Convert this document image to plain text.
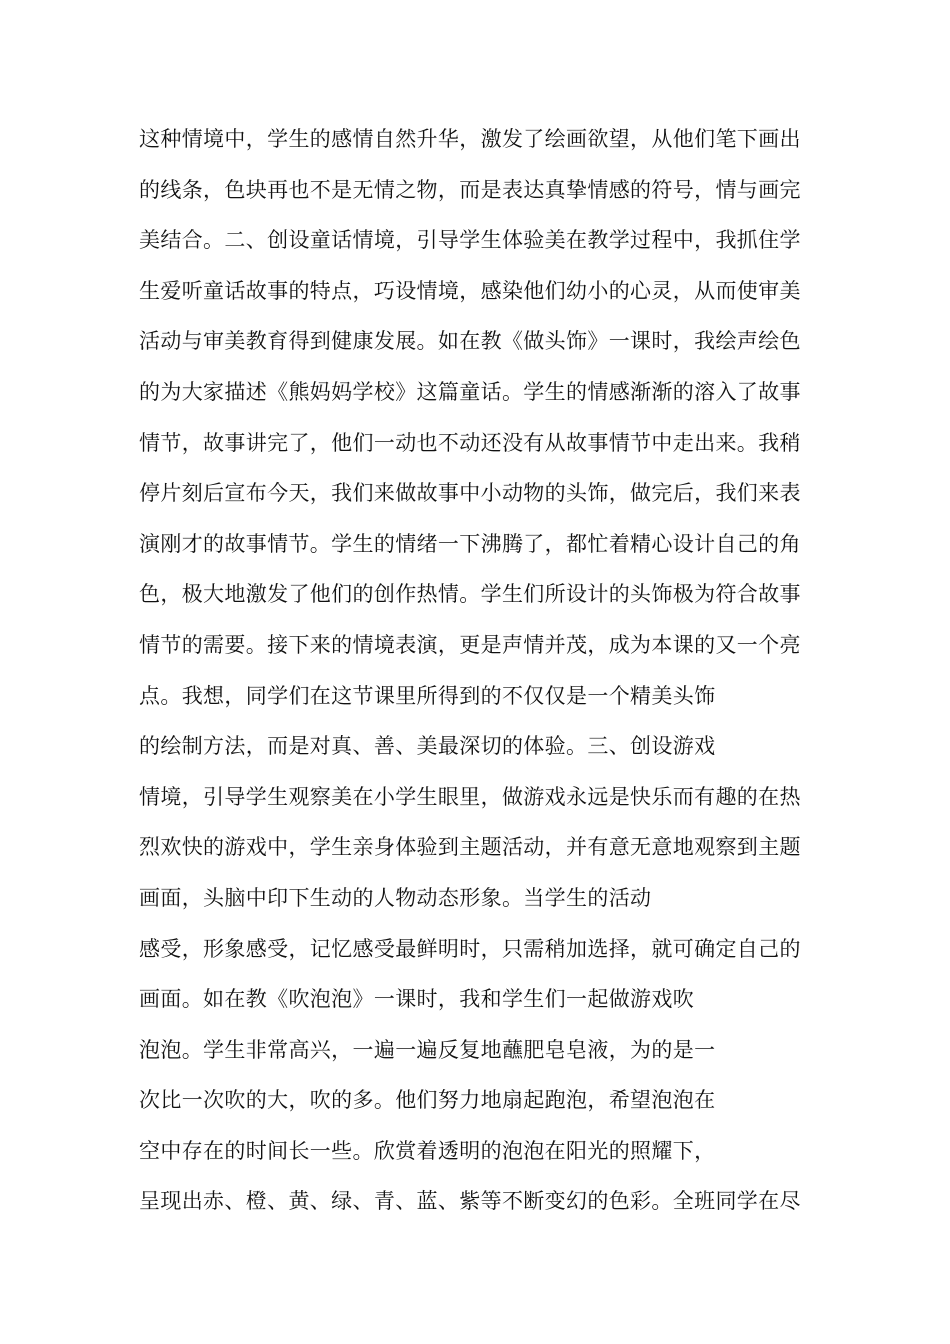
这种情境中，学生的感情自然升华，激发了绘画欲望，从他们笔下画出
的线条，色块再也不是无情之物，而是表达真挚情感的符号，情与画完
美结合。二、创设童话情境，引导学生体验美在教学过程中，我抓住学
生爱听童话故事的特点，巧设情境，感染他们幼小的心灵，从而使审美
活动与审美教育得到健康发展。如在教《做头饰》一课时，我绘声绘色
的为大家描述《熊妈妈学校》这篇童话。学生的情感渐渐的溶入了故事
情节，故事讲完了，他们一动也不动还没有从故事情节中走出来。我稍
停片刻后宣布今天，我们来做故事中小动物的头饰，做完后，我们来表
演刚才的故事情节。学生的情绪一下沸腾了，都忙着精心设计自己的角
色，极大地激发了他们的创作热情。学生们所设计的头饰极为符合故事
情节的需要。接下来的情境表演，更是声情并茂，成为本课的又一个亮
点。我想，同学们在这节课里所得到的不仅仅是一个精美头饰
的绘制方法，而是对真、善、美最深切的体验。三、创设游戏
情境，引导学生观察美在小学生眼里，做游戏永远是快乐而有趣的在热
烈欢快的游戏中，学生亲身体验到主题活动，并有意无意地观察到主题
画面，头脑中印下生动的人物动态形象。当学生的活动
感受，形象感受，记忆感受最鲜明时，只需稍加选择，就可确定自己的
画面。如在教《吹泡泡》一课时，我和学生们一起做游戏吹
泡泡。学生非常高兴，一遍一遍反复地蘸肥皂皂液，为的是一
次比一次吹的大，吹的多。他们努力地扇起跑泡，希望泡泡在
空中存在的时间长一些。欣赏着透明的泡泡在阳光的照耀下，
呈现出赤、橙、黄、绿、青、蓝、紫等不断变幻的色彩。全班同学在尽
